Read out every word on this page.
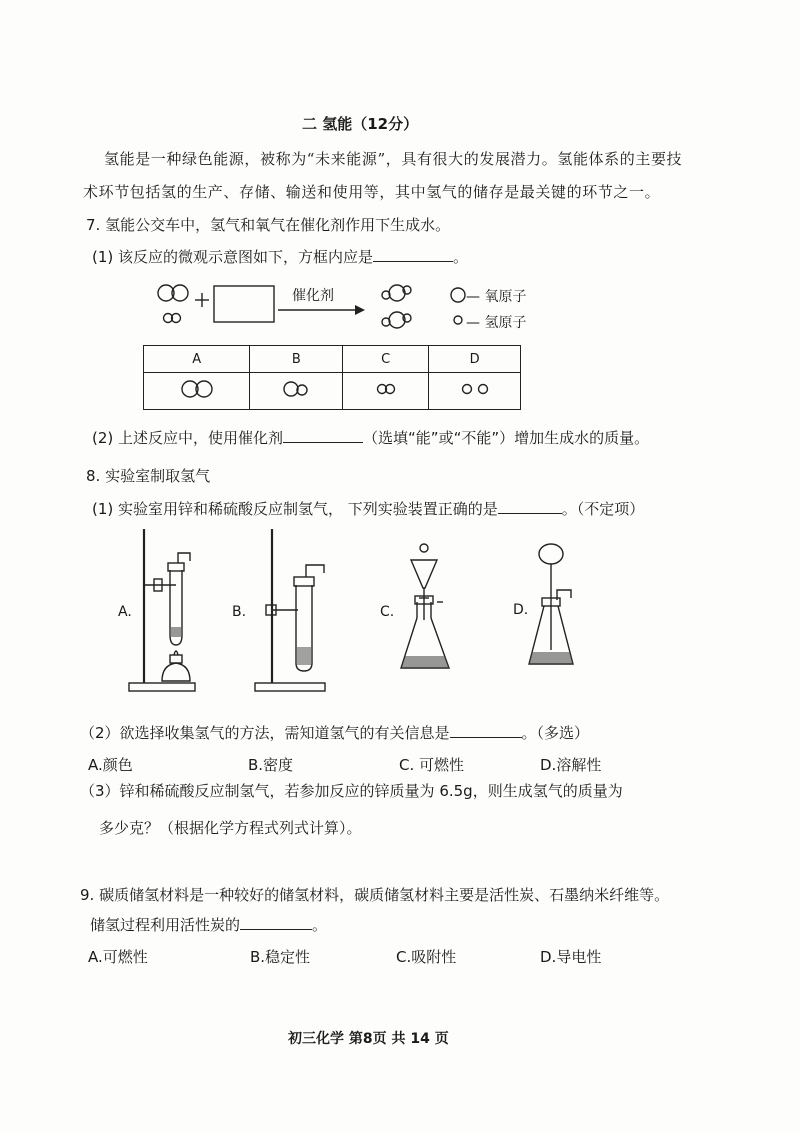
二 氢能（12分）
氢能是一种绿色能源，被称为“未来能源”，具有很大的发展潜力。氢能体系的主要技
术环节包括氢的生产、存储、输送和使用等，其中氢气的储存是最关键的环节之一。
7. 氢能公交车中，氢气和氧气在催化剂作用下生成水。
(1) 该反应的微观示意图如下，方框内应是	。
催化剂	— 氧原子
— 氢原子
A	B	C	D

(2) 上述反应中，使用催化剂	（选填“能”或“不能”）增加生成水的质量。
8. 实验室制取氢气
(1) 实验室用锌和稀硫酸反应制氢气， 下列实验装置正确的是	。（不定项）
A.	B.	C.	D.
（2）欲选择收集氢气的方法，需知道氢气的有关信息是	。（多选）
A.颜色	B.密度	C. 可燃性	D.溶解性
（3）锌和稀硫酸反应制氢气，若参加反应的锌质量为 6.5g，则生成氢气的质量为
多少克？（根据化学方程式列式计算）。
9. 碳质储氢材料是一种较好的储氢材料，碳质储氢材料主要是活性炭、石墨纳米纤维等。
储氢过程利用活性炭的	。
A.可燃性	B.稳定性	C.吸附性	D.导电性
初三化学 第8页 共 14 页
